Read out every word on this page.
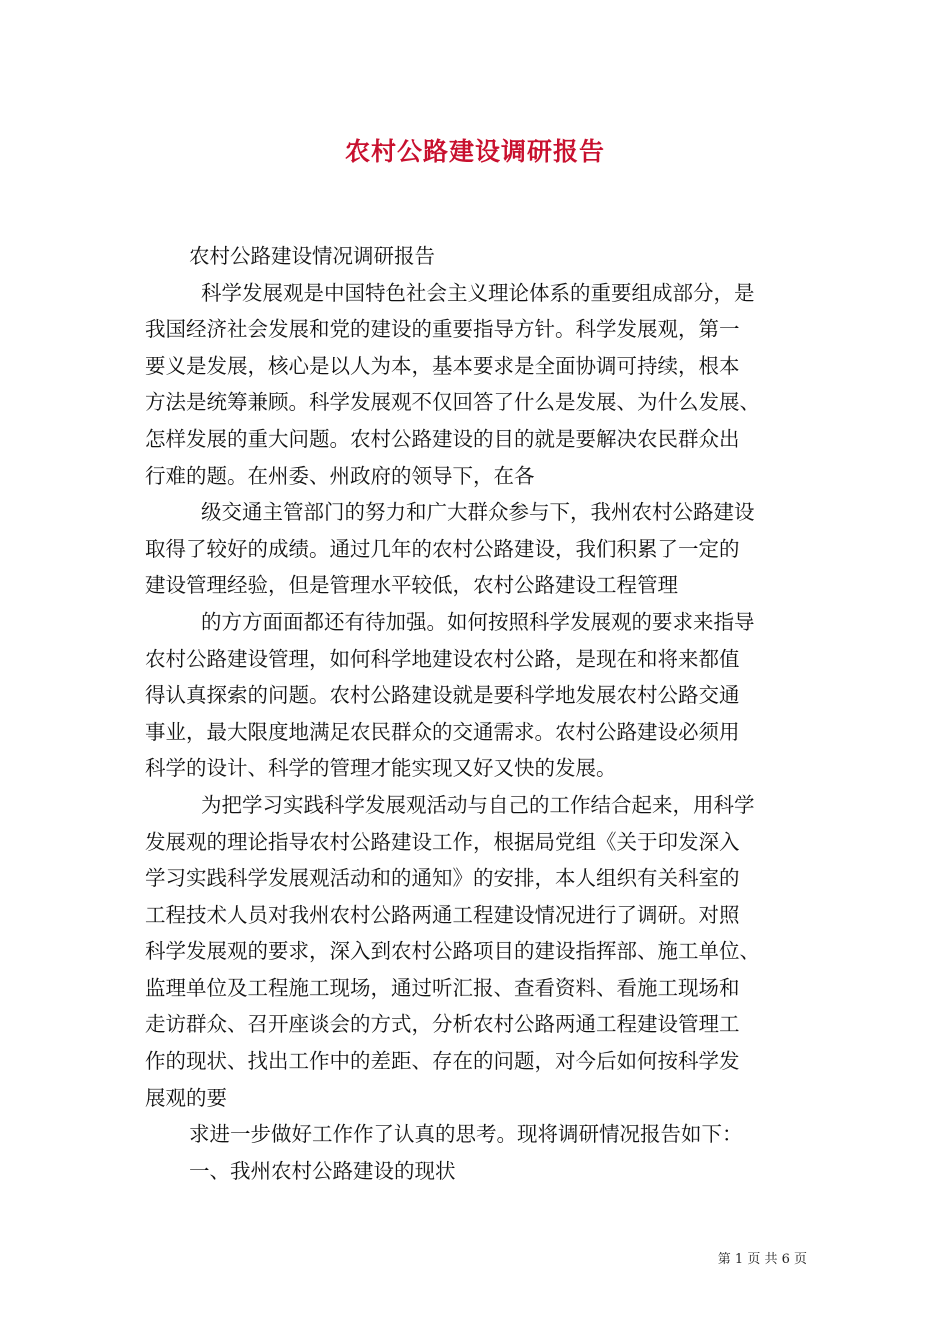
农村公路建设调研报告

农村公路建设情况调研报告

科学发展观是中国特色社会主义理论体系的重要组成部分，是

我国经济社会发展和党的建设的重要指导方针。科学发展观，第一

要义是发展，核心是以人为本，基本要求是全面协调可持续，根本

方法是统筹兼顾。科学发展观不仅回答了什么是发展、为什么发展、

怎样发展的重大问题。农村公路建设的目的就是要解决农民群众出

行难的题。在州委、州政府的领导下，在各

级交通主管部门的努力和广大群众参与下，我州农村公路建设

取得了较好的成绩。通过几年的农村公路建设，我们积累了一定的

建设管理经验，但是管理水平较低，农村公路建设工程管理

的方方面面都还有待加强。如何按照科学发展观的要求来指导

农村公路建设管理，如何科学地建设农村公路，是现在和将来都值

得认真探索的问题。农村公路建设就是要科学地发展农村公路交通

事业，最大限度地满足农民群众的交通需求。农村公路建设必须用

科学的设计、科学的管理才能实现又好又快的发展。

为把学习实践科学发展观活动与自己的工作结合起来，用科学

发展观的理论指导农村公路建设工作，根据局党组《关于印发深入

学习实践科学发展观活动和的通知》的安排，本人组织有关科室的

工程技术人员对我州农村公路两通工程建设情况进行了调研。对照

科学发展观的要求，深入到农村公路项目的建设指挥部、施工单位、

监理单位及工程施工现场，通过听汇报、查看资料、看施工现场和

走访群众、召开座谈会的方式，分析农村公路两通工程建设管理工

作的现状、找出工作中的差距、存在的问题，对今后如何按科学发

展观的要

求进一步做好工作作了认真的思考。现将调研情况报告如下：

一、我州农村公路建设的现状

第 1 页 共 6 页
